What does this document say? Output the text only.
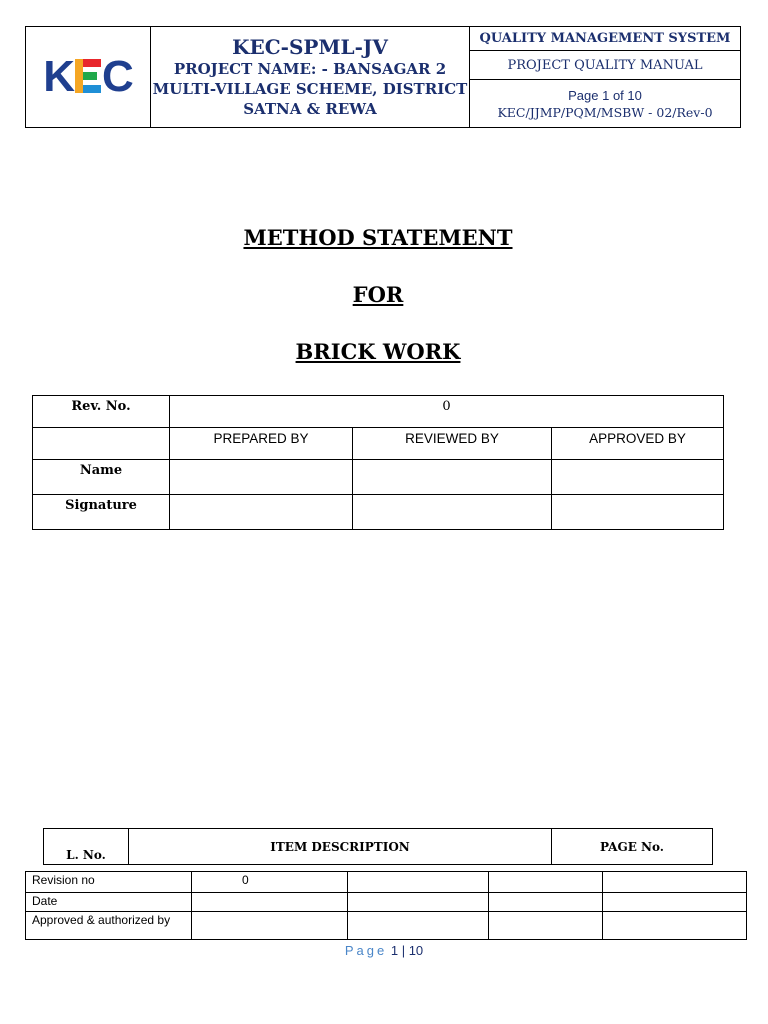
K C

KEC-SPML-JV
PROJECT NAME: - BANSAGAR 2
MULTI-VILLAGE SCHEME, DISTRICT
SATNA & REWA
	QUALITY MANAGEMENT SYSTEM
PROJECT QUALITY MANUAL

Page 1 of 10
KEC/JJMP/PQM/MSBW - 02/Rev-0
METHOD STATEMENT
FOR
BRICK WORK
Rev. No.	0		
	PREPARED BY	REVIEWED BY	APPROVED BY
Name			
Signature			
L. No.	ITEM DESCRIPTION	PAGE No.
Revision no	0			
Date				
Approved & authorized by				
Page 1 | 10
